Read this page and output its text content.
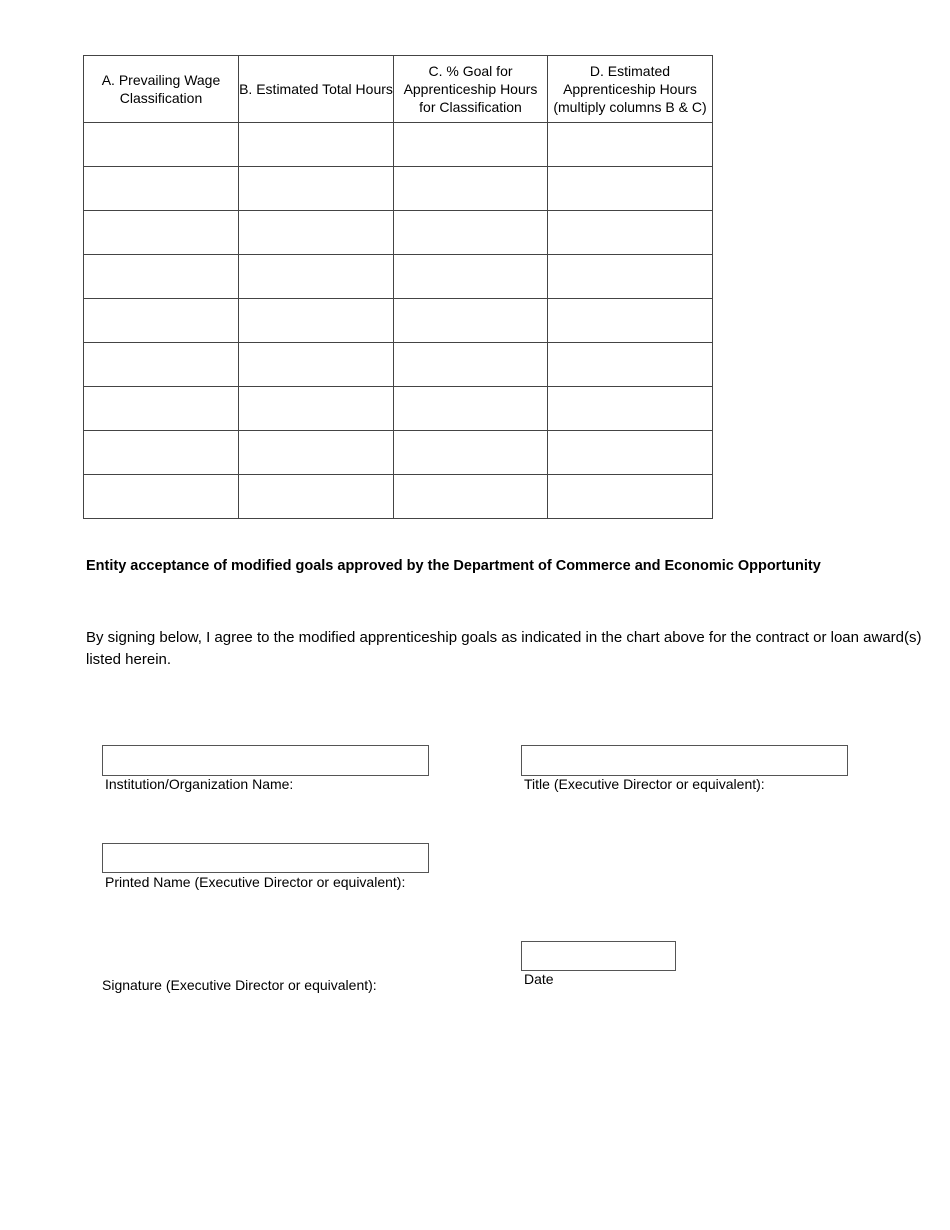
A. Prevailing Wage Classification	B. Estimated Total Hours	C. % Goal for Apprenticeship Hours for Classification	D. Estimated Apprenticeship Hours (multiply columns B & C)

Entity acceptance of modified goals approved by the Department of Commerce and Economic Opportunity
By signing below, I agree to the modified apprenticeship goals as indicated in the chart above for the contract or loan award(s) listed herein.
Institution/Organization Name:	Title (Executive Director or equivalent):
Printed Name (Executive Director or equivalent):
Signature (Executive Director or equivalent):	Date
